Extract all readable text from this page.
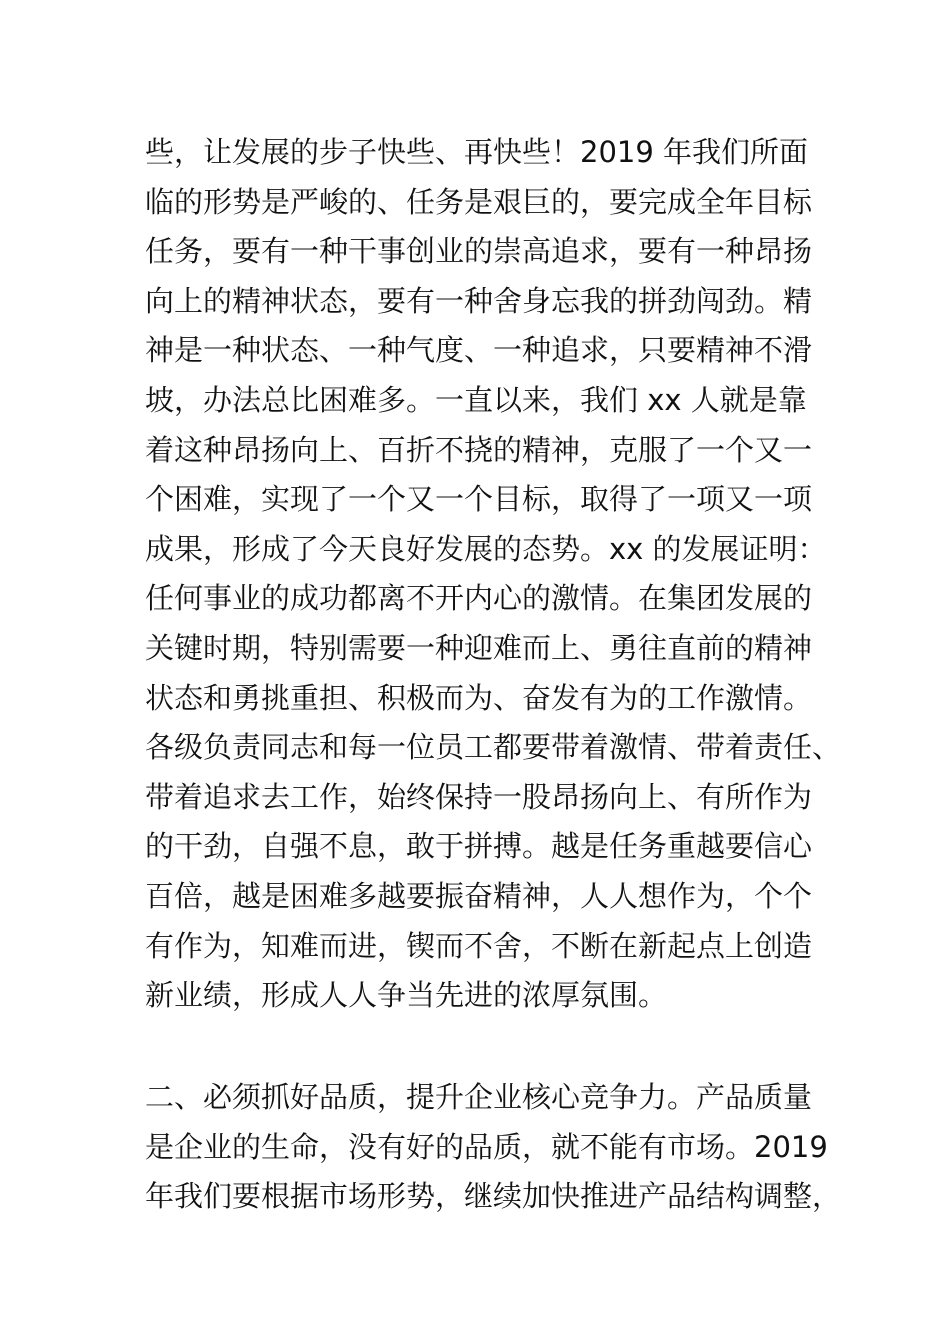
些，让发展的步子快些、再快些！2019 年我们所面
临的形势是严峻的、任务是艰巨的，要完成全年目标
任务，要有一种干事创业的崇高追求，要有一种昂扬
向上的精神状态，要有一种舍身忘我的拼劲闯劲。精
神是一种状态、一种气度、一种追求，只要精神不滑
坡，办法总比困难多。一直以来，我们 xx 人就是靠
着这种昂扬向上、百折不挠的精神，克服了一个又一
个困难，实现了一个又一个目标，取得了一项又一项
成果，形成了今天良好发展的态势。xx 的发展证明：
任何事业的成功都离不开内心的激情。在集团发展的
关键时期，特别需要一种迎难而上、勇往直前的精神
状态和勇挑重担、积极而为、奋发有为的工作激情。
各级负责同志和每一位员工都要带着激情、带着责任、
带着追求去工作，始终保持一股昂扬向上、有所作为
的干劲，自强不息，敢于拼搏。越是任务重越要信心
百倍，越是困难多越要振奋精神，人人想作为，个个
有作为，知难而进，锲而不舍，不断在新起点上创造
新业绩，形成人人争当先进的浓厚氛围。
二、必须抓好品质，提升企业核心竞争力。产品质量
是企业的生命，没有好的品质，就不能有市场。2019
年我们要根据市场形势，继续加快推进产品结构调整，
